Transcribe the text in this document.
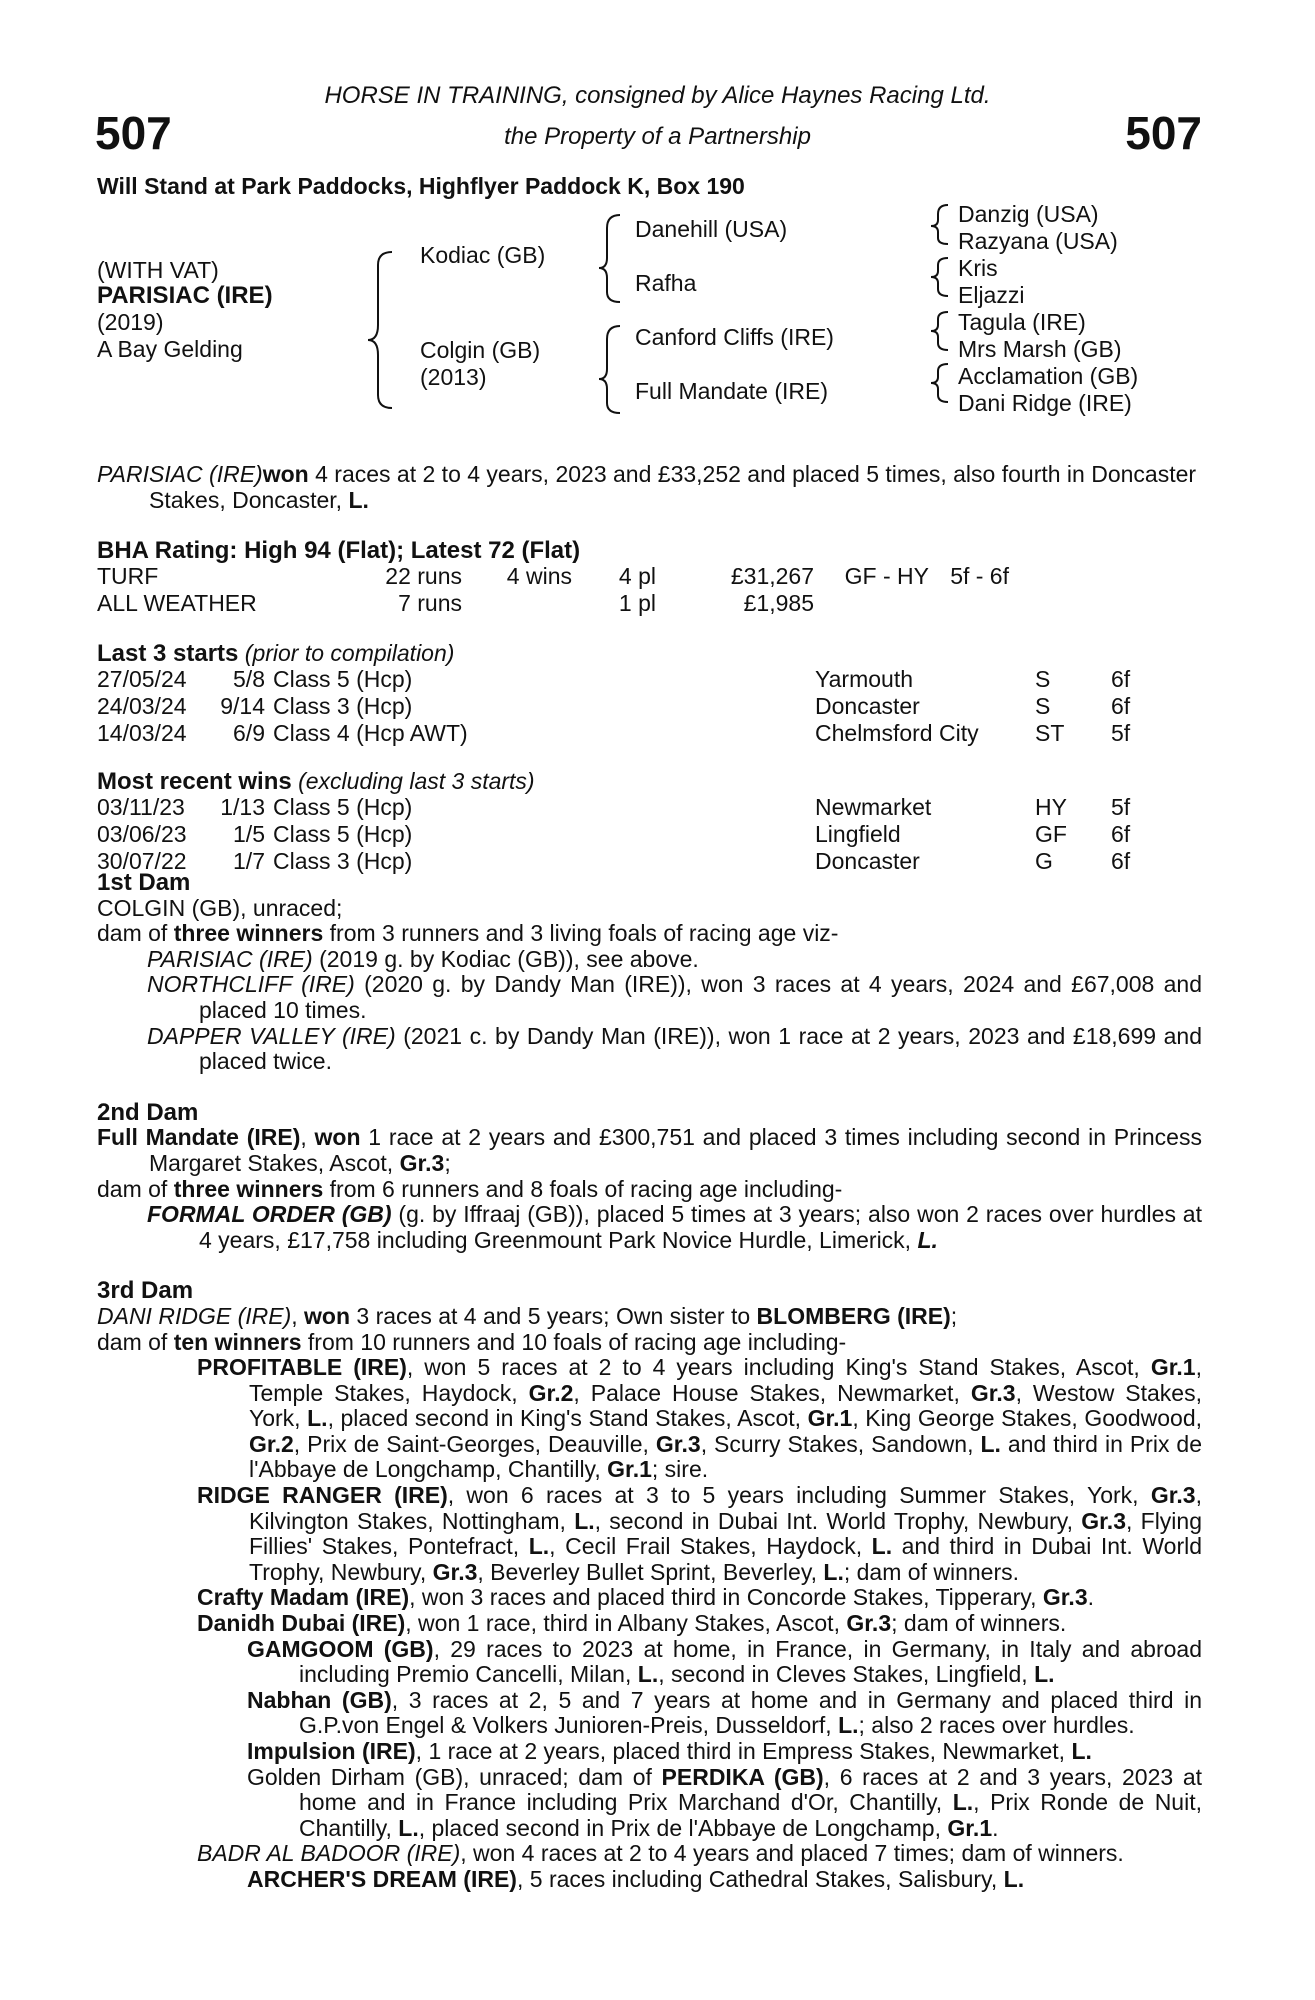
507	507
HORSE IN TRAINING, consigned by Alice Haynes Racing Ltd.
the Property of a Partnership
Will Stand at Park Paddocks, Highflyer Paddock K, Box 190
(WITH VAT)
PARISIAC (IRE)
(2019)
A Bay Gelding
Kodiac (GB)
Colgin (GB)
(2013)
Danehill (USA)
Rafha
Canford Cliffs (IRE)
Full Mandate (IRE)
Danzig (USA)
Razyana (USA)
Kris
Eljazzi
Tagula (IRE)
Mrs Marsh (GB)
Acclamation (GB)
Dani Ridge (IRE)
PARISIAC (IRE)won 4 races at 2 to 4 years, 2023 and £33,252 and placed 5 times, also fourth in Doncaster Stakes, Doncaster, L.
BHA Rating: High 94 (Flat); Latest 72 (Flat)
TURF	22 runs	4 wins	4 pl	£31,267	GF - HY	5f - 6f
ALL WEATHER	7 runs		1 pl	£1,985		
Last 3 starts (prior to compilation)
27/05/24	5/8	Class 5 (Hcp)	Yarmouth	S	6f
24/03/24	9/14	Class 3 (Hcp)	Doncaster	S	6f
14/03/24	6/9	Class 4 (Hcp AWT)	Chelmsford City	ST	5f
Most recent wins (excluding last 3 starts)
03/11/23	1/13	Class 5 (Hcp)	Newmarket	HY	5f
03/06/23	1/5	Class 5 (Hcp)	Lingfield	GF	6f
30/07/22	1/7	Class 3 (Hcp)	Doncaster	G	6f

1st Dam

COLGIN (GB), unraced;

dam of three winners from 3 runners and 3 living foals of racing age viz-

PARISIAC (IRE) (2019 g. by Kodiac (GB)), see above.

NORTHCLIFF (IRE) (2020 g. by Dandy Man (IRE)), won 3 races at 4 years, 2024 and £67,008 and placed 10 times.

DAPPER VALLEY (IRE) (2021 c. by Dandy Man (IRE)), won 1 race at 2 years, 2023 and £18,699 and placed twice.

2nd Dam

Full Mandate (IRE), won 1 race at 2 years and £300,751 and placed 3 times including second in Princess Margaret Stakes, Ascot, Gr.3;

dam of three winners from 6 runners and 8 foals of racing age including-

FORMAL ORDER (GB) (g. by Iffraaj (GB)), placed 5 times at 3 years; also won 2 races over hurdles at 4 years, £17,758 including Greenmount Park Novice Hurdle, Limerick, L.

3rd Dam

DANI RIDGE (IRE), won 3 races at 4 and 5 years; Own sister to BLOMBERG (IRE);

dam of ten winners from 10 runners and 10 foals of racing age including-

PROFITABLE (IRE), won 5 races at 2 to 4 years including King's Stand Stakes, Ascot, Gr.1, Temple Stakes, Haydock, Gr.2, Palace House Stakes, Newmarket, Gr.3, Westow Stakes, York, L., placed second in King's Stand Stakes, Ascot, Gr.1, King George Stakes, Goodwood, Gr.2, Prix de Saint-Georges, Deauville, Gr.3, Scurry Stakes, Sandown, L. and third in Prix de l'Abbaye de Longchamp, Chantilly, Gr.1; sire.

RIDGE RANGER (IRE), won 6 races at 3 to 5 years including Summer Stakes, York, Gr.3, Kilvington Stakes, Nottingham, L., second in Dubai Int. World Trophy, Newbury, Gr.3, Flying Fillies' Stakes, Pontefract, L., Cecil Frail Stakes, Haydock, L. and third in Dubai Int. World Trophy, Newbury, Gr.3, Beverley Bullet Sprint, Beverley, L.; dam of winners.

Crafty Madam (IRE), won 3 races and placed third in Concorde Stakes, Tipperary, Gr.3.

Danidh Dubai (IRE), won 1 race, third in Albany Stakes, Ascot, Gr.3; dam of winners.

GAMGOOM (GB), 29 races to 2023 at home, in France, in Germany, in Italy and abroad including Premio Cancelli, Milan, L., second in Cleves Stakes, Lingfield, L.

Nabhan (GB), 3 races at 2, 5 and 7 years at home and in Germany and placed third in G.P.von Engel & Volkers Junioren-Preis, Dusseldorf, L.; also 2 races over hurdles.

Impulsion (IRE), 1 race at 2 years, placed third in Empress Stakes, Newmarket, L.

Golden Dirham (GB), unraced; dam of PERDIKA (GB), 6 races at 2 and 3 years, 2023 at home and in France including Prix Marchand d'Or, Chantilly, L., Prix Ronde de Nuit, Chantilly, L., placed second in Prix de l'Abbaye de Longchamp, Gr.1.

BADR AL BADOOR (IRE), won 4 races at 2 to 4 years and placed 7 times; dam of winners.

ARCHER'S DREAM (IRE), 5 races including Cathedral Stakes, Salisbury, L.
